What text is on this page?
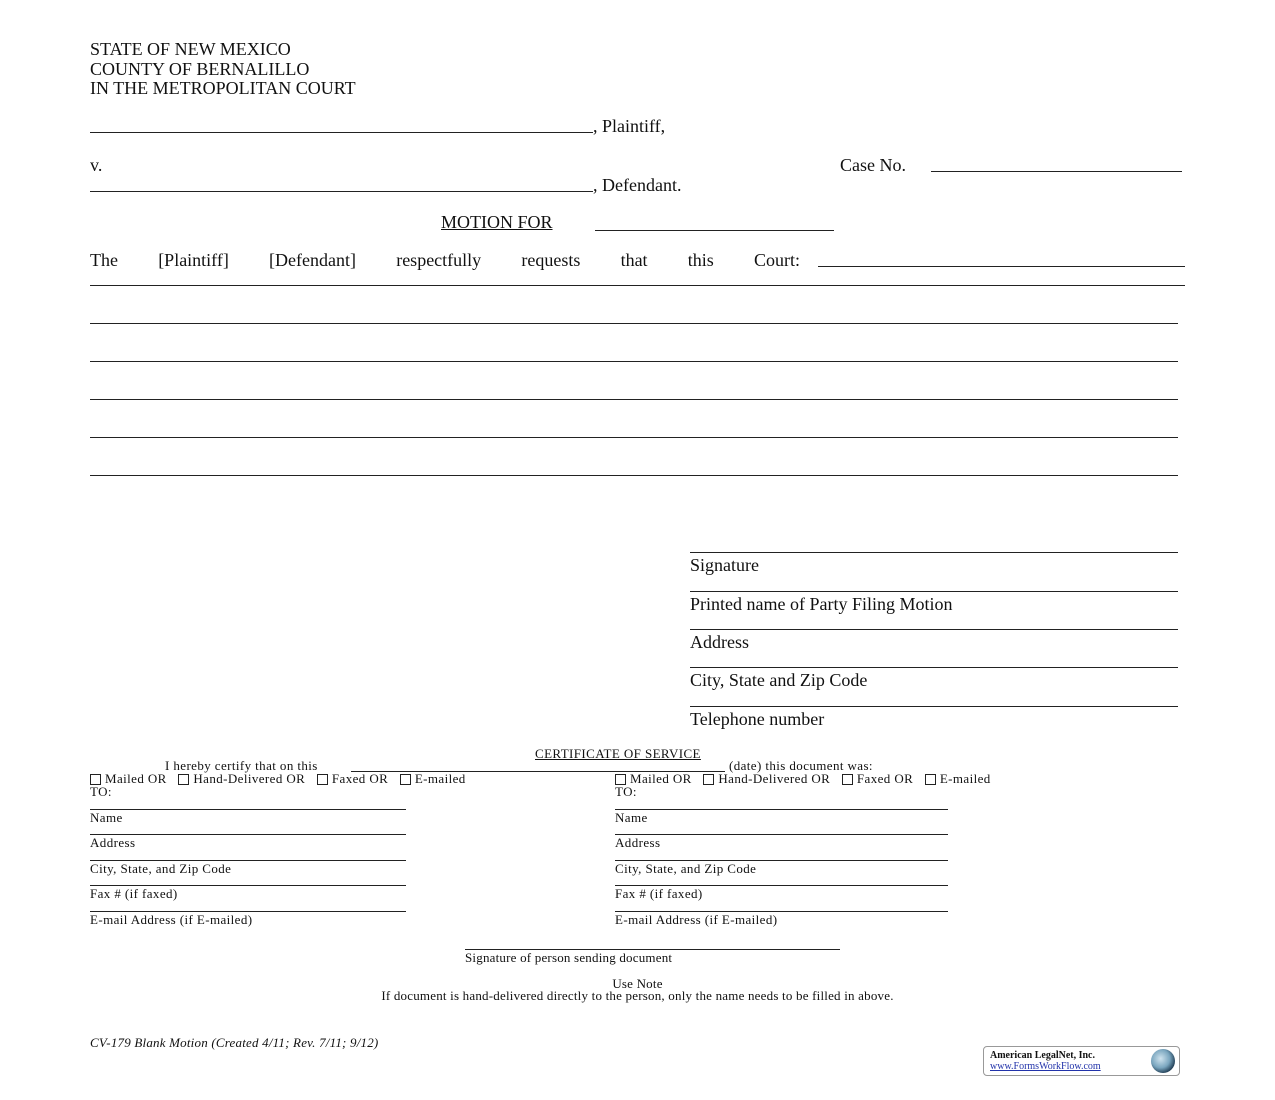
STATE OF NEW MEXICO
COUNTY OF BERNALILLO
IN THE METROPOLITAN COURT
, Plaintiff,
v.	Case No.
, Defendant.
MOTION FOR
The [Plaintiff] [Defendant] respectfully requests that this Court:
Signature
Printed name of Party Filing Motion
Address
City, State and Zip Code
Telephone number
CERTIFICATE OF SERVICE
I hereby certify that on this	(date) this document was:
Mailed OR Hand-Delivered OR Faxed OR E-mailed
TO:
Name
Address
City, State, and Zip Code
Fax # (if faxed)
E-mail Address (if E-mailed)
Mailed OR Hand-Delivered OR Faxed OR E-mailed
TO:
Name
Address
City, State, and Zip Code
Fax # (if faxed)
E-mail Address (if E-mailed)
Signature of person sending document
Use Note
If document is hand-delivered directly to the person, only the name needs to be filled in above.
CV-179 Blank Motion (Created 4/11; Rev. 7/11; 9/12)
American LegalNet, Inc.
www.FormsWorkFlow.com
